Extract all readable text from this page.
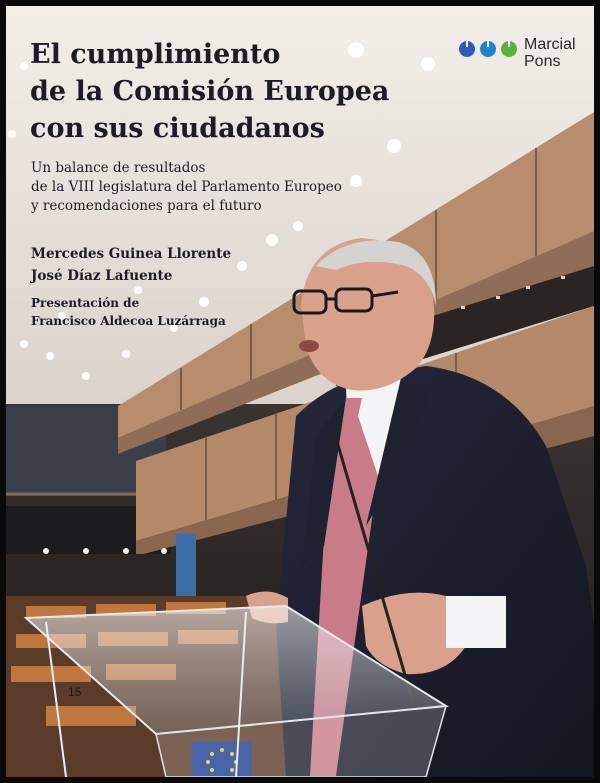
15
El cumplimiento
de la Comisión Europea
con sus ciudadanos

Un balance de resultados
de la VIII legislatura del Parlamento Europeo
y recomendaciones para el futuro

Mercedes Guinea Llorente
José Díaz Lafuente
Presentación de
Francisco Aldecoa Luzárraga
Marcial
Pons
